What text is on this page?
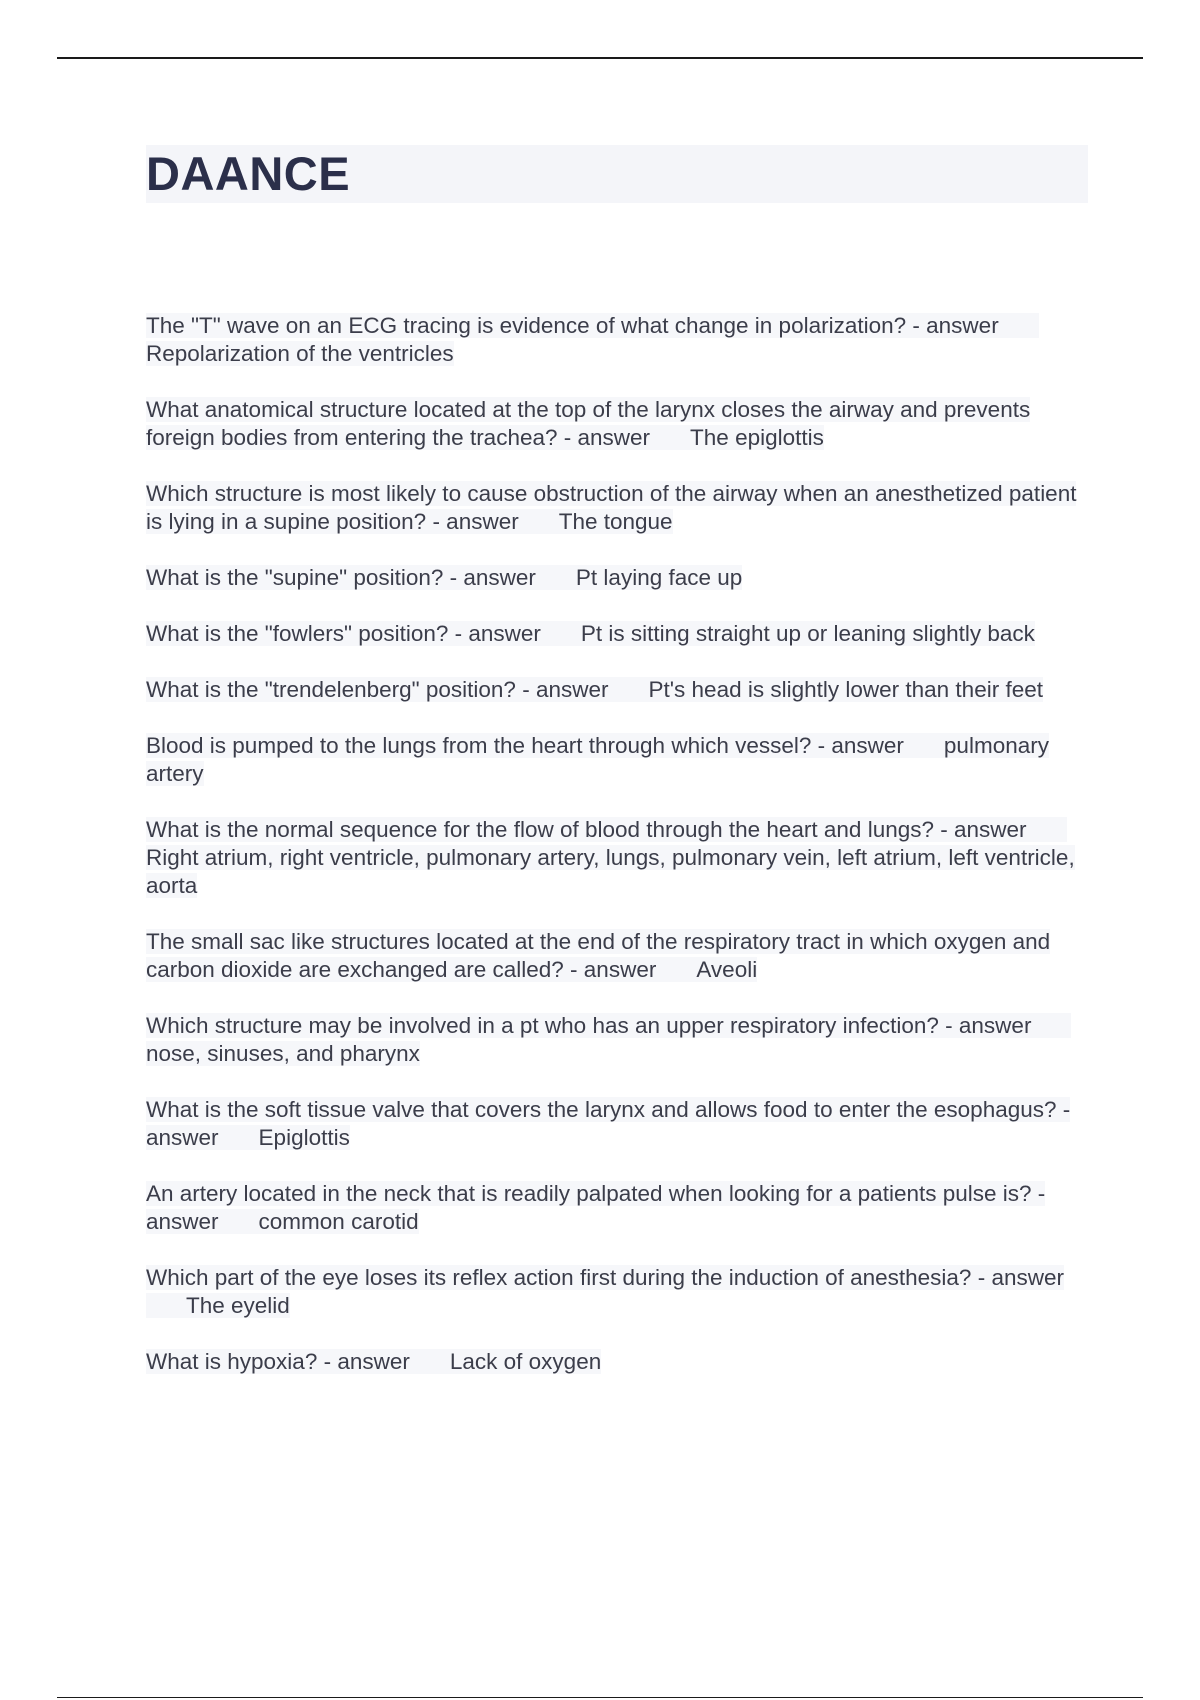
DAANCE
The "T" wave on an ECG tracing is evidence of what change in polarization? - answerRepolarization of the ventricles
What anatomical structure located at the top of the larynx closes the airway and prevents foreign bodies from entering the trachea? - answer The epiglottis
Which structure is most likely to cause obstruction of the airway when an anesthetized patient is lying in a supine position? - answer The tongue
What is the "supine" position? - answer Pt laying face up
What is the "fowlers" position? - answer Pt is sitting straight up or leaning slightly back
What is the "trendelenberg" position? - answer Pt's head is slightly lower than their feet
Blood is pumped to the lungs from the heart through which vessel? - answer pulmonary artery
What is the normal sequence for the flow of blood through the heart and lungs? - answerRight atrium, right ventricle, pulmonary artery, lungs, pulmonary vein, left atrium, left ventricle, aorta
The small sac like structures located at the end of the respiratory tract in which oxygen and carbon dioxide are exchanged are called? - answer Aveoli
Which structure may be involved in a pt who has an upper respiratory infection? - answernose, sinuses, and pharynx
What is the soft tissue valve that covers the larynx and allows food to enter the esophagus? - answer Epiglottis
An artery located in the neck that is readily palpated when looking for a patients pulse is? - answer common carotid
Which part of the eye loses its reflex action first during the induction of anesthesia? - answerThe eyelid
What is hypoxia? - answer Lack of oxygen
